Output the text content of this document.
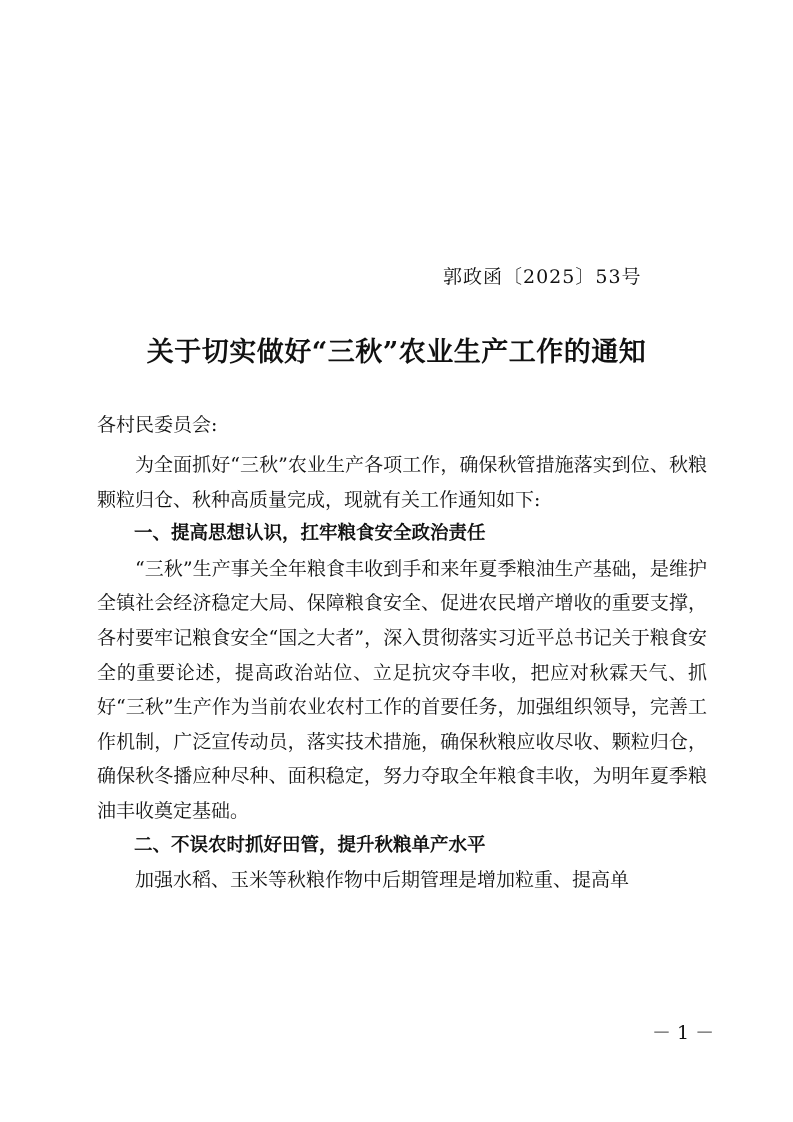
郭政函〔2025〕53号
关于切实做好“三秋”农业生产工作的通知
各村民委员会:

为全面抓好“三秋”农业生产各项工作，确保秋管措施落实到位、秋粮颗粒归仓、秋种高质量完成，现就有关工作通知如下:

一、提高思想认识，扛牢粮食安全政治责任

“三秋”生产事关全年粮食丰收到手和来年夏季粮油生产基础，是维护全镇社会经济稳定大局、保障粮食安全、促进农民增产增收的重要支撑，各村要牢记粮食安全“国之大者”，深入贯彻落实习近平总书记关于粮食安全的重要论述，提高政治站位、立足抗灾夺丰收，把应对秋霖天气、抓好“三秋”生产作为当前农业农村工作的首要任务，加强组织领导，完善工作机制，广泛宣传动员，落实技术措施，确保秋粮应收尽收、颗粒归仓，确保秋冬播应种尽种、面积稳定，努力夺取全年粮食丰收，为明年夏季粮油丰收奠定基础。

二、不误农时抓好田管，提升秋粮单产水平

加强水稻、玉米等秋粮作物中后期管理是增加粒重、提高单

－ 1 －
